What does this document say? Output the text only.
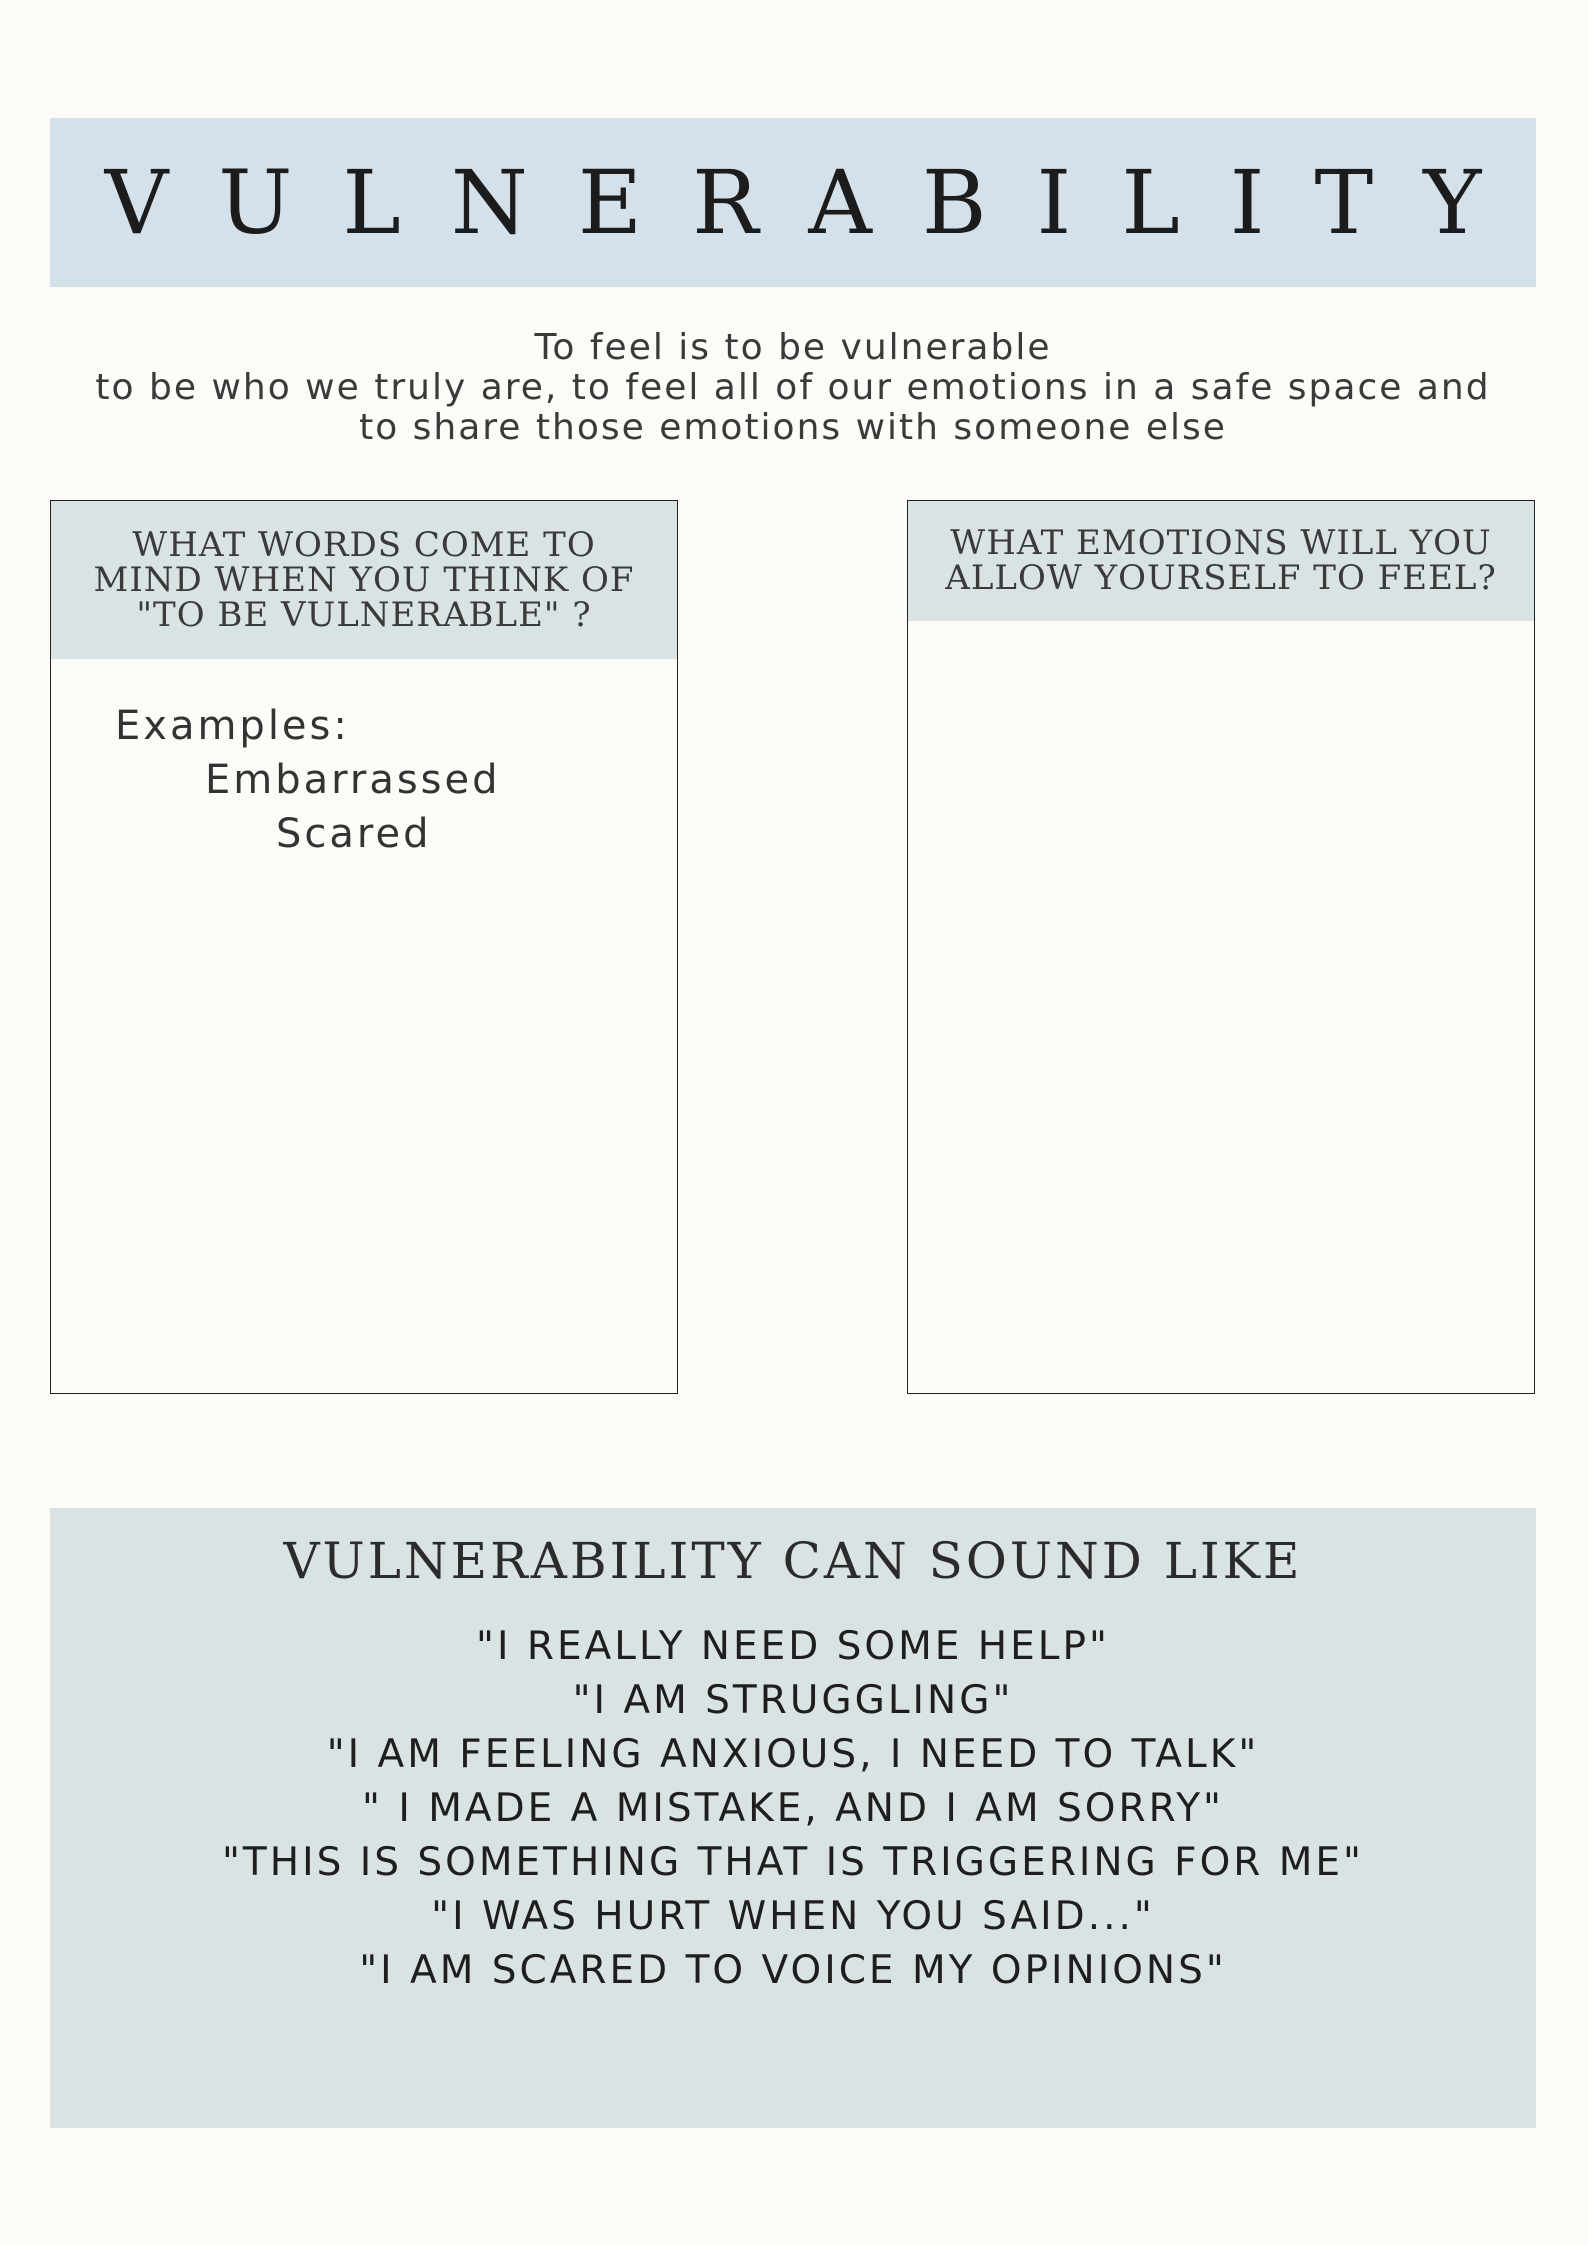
VULNERABILITY
To feel is to be vulnerable
to be who we truly are, to feel all of our emotions in a safe space and
to share those emotions with someone else
WHAT WORDS COME TO
MIND WHEN YOU THINK OF
"TO BE VULNERABLE" ?
Examples:
Embarrassed
Scared
WHAT EMOTIONS WILL YOU
ALLOW YOURSELF TO FEEL?
VULNERABILITY CAN SOUND LIKE
"I REALLY NEED SOME HELP"
"I AM STRUGGLING"
"I AM FEELING ANXIOUS, I NEED TO TALK"
" I MADE A MISTAKE, AND I AM SORRY"
"THIS IS SOMETHING THAT IS TRIGGERING FOR ME"
"I WAS HURT WHEN YOU SAID..."
"I AM SCARED TO VOICE MY OPINIONS"
